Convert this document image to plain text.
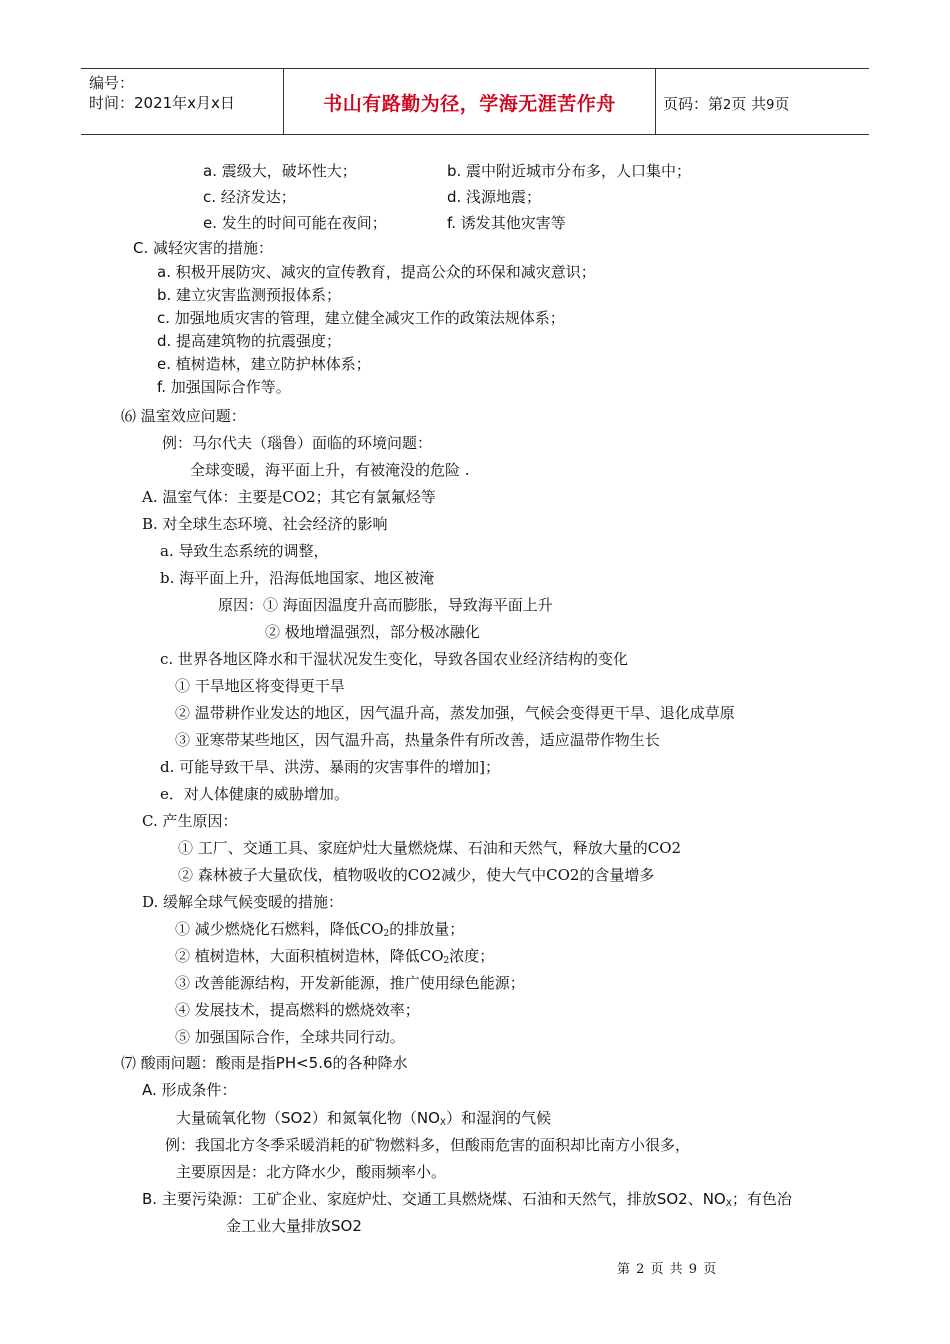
编号：
时间：2021年x月x日	书山有路勤为径，学海无涯苦作舟	页码：第2页 共9页
a. 震级大，破坏性大；	b. 震中附近城市分布多，人口集中；
c. 经济发达；	d. 浅源地震；
e. 发生的时间可能在夜间；	f. 诱发其他灾害等
C. 减轻灾害的措施：
a. 积极开展防灾、减灾的宣传教育，提高公众的环保和减灾意识；
b. 建立灾害监测预报体系；
c. 加强地质灾害的管理，建立健全减灾工作的政策法规体系；
d. 提高建筑物的抗震强度；
e. 植树造林，建立防护林体系；
f. 加强国际合作等。
⑹ 温室效应问题：
例：马尔代夫（瑙鲁）面临的环境问题：
全球变暖，海平面上升，有被淹没的危险 .
A. 温室气体：主要是CO2；其它有氯氟烃等
B. 对全球生态环境、社会经济的影响
a. 导致生态系统的调整，
b. 海平面上升，沿海低地国家、地区被淹
原因：① 海面因温度升高而膨胀，导致海平面上升
② 极地增温强烈，部分极冰融化
c. 世界各地区降水和干湿状况发生变化，导致各国农业经济结构的变化
① 干旱地区将变得更干旱
② 温带耕作业发达的地区，因气温升高，蒸发加强，气候会变得更干旱、退化成草原
③ 亚寒带某些地区，因气温升高，热量条件有所改善，适应温带作物生长
d. 可能导致干旱、洪涝、暴雨的灾害事件的增加]；
e．对人体健康的威胁增加。
C. 产生原因：
① 工厂、交通工具、家庭炉灶大量燃烧煤、石油和天然气，释放大量的CO2
② 森林被子大量砍伐，植物吸收的CO2减少，使大气中CO2的含量增多
D. 缓解全球气候变暖的措施：
① 减少燃烧化石燃料，降低$CO_2$的排放量；
② 植树造林，大面积植树造林，降低$CO_2$浓度；
③ 改善能源结构，开发新能源，推广使用绿色能源；
④ 发展技术，提高燃料的燃烧效率；
⑤ 加强国际合作，全球共同行动。
⑺ 酸雨问题：酸雨是指PH<5.6的各种降水
A. 形成条件：
大量硫氧化物（SO2）和氮氧化物$(NO_X)$和湿润的气候
例：我国北方冬季采暖消耗的矿物燃料多，但酸雨危害的面积却比南方小很多，
主要原因是：北方降水少，酸雨频率小。
B. 主要污染源：工矿企业、家庭炉灶、交通工具燃烧煤、石油和天然气，排放SO2、$NO_X$；有色冶
金工业大量排放SO2
第 2 页 共 9 页
